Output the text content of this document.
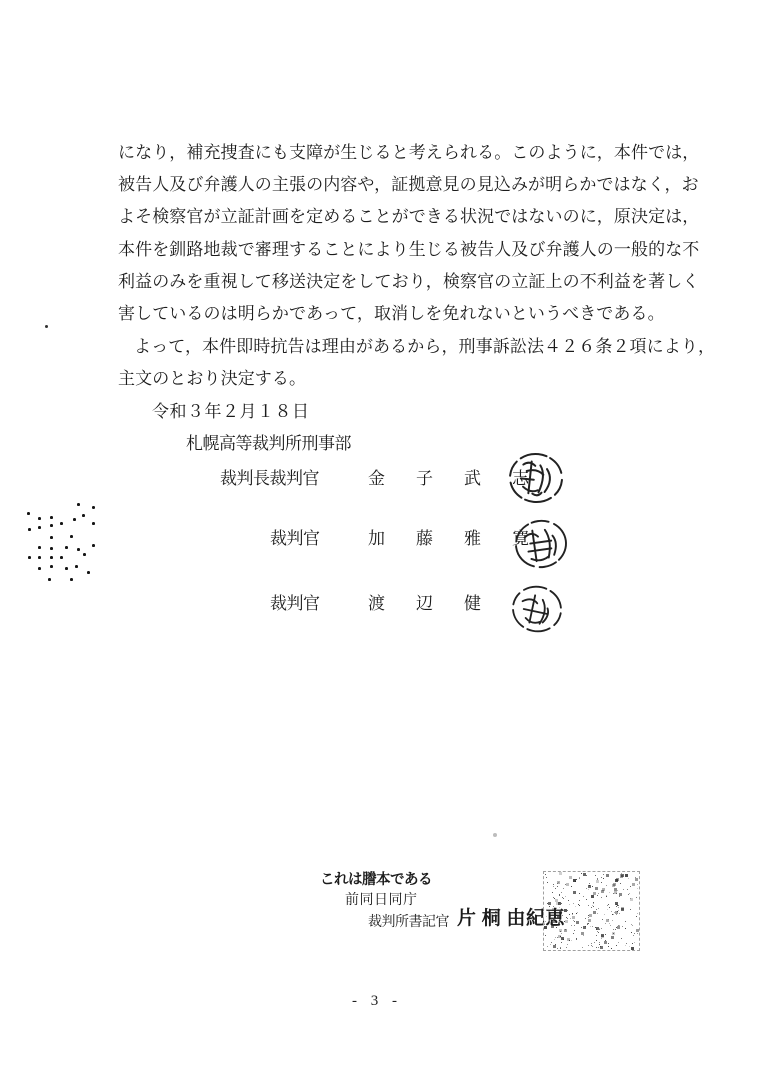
になり，補充捜査にも支障が生じると考えられる。このように，本件では，
被告人及び弁護人の主張の内容や，証拠意見の見込みが明らかではなく，お
よそ検察官が立証計画を定めることができる状況ではないのに，原決定は，
本件を釧路地裁で審理することにより生じる被告人及び弁護人の一般的な不
利益のみを重視して移送決定をしており，検察官の立証上の不利益を著しく
害しているのは明らかであって，取消しを免れないというべきである。
よって，本件即時抗告は理由があるから，刑事訴訟法４２６条２項により，
主文のとおり決定する。
令和３年２月１８日
札幌高等裁判所刑事部
裁判長裁判官	金　子　武　志
裁判官	加　藤　雅　寛
裁判官	渡　辺　健
これは謄本である
前同日同庁
裁判所書記官 片 桐 由紀恵
- 3 -
